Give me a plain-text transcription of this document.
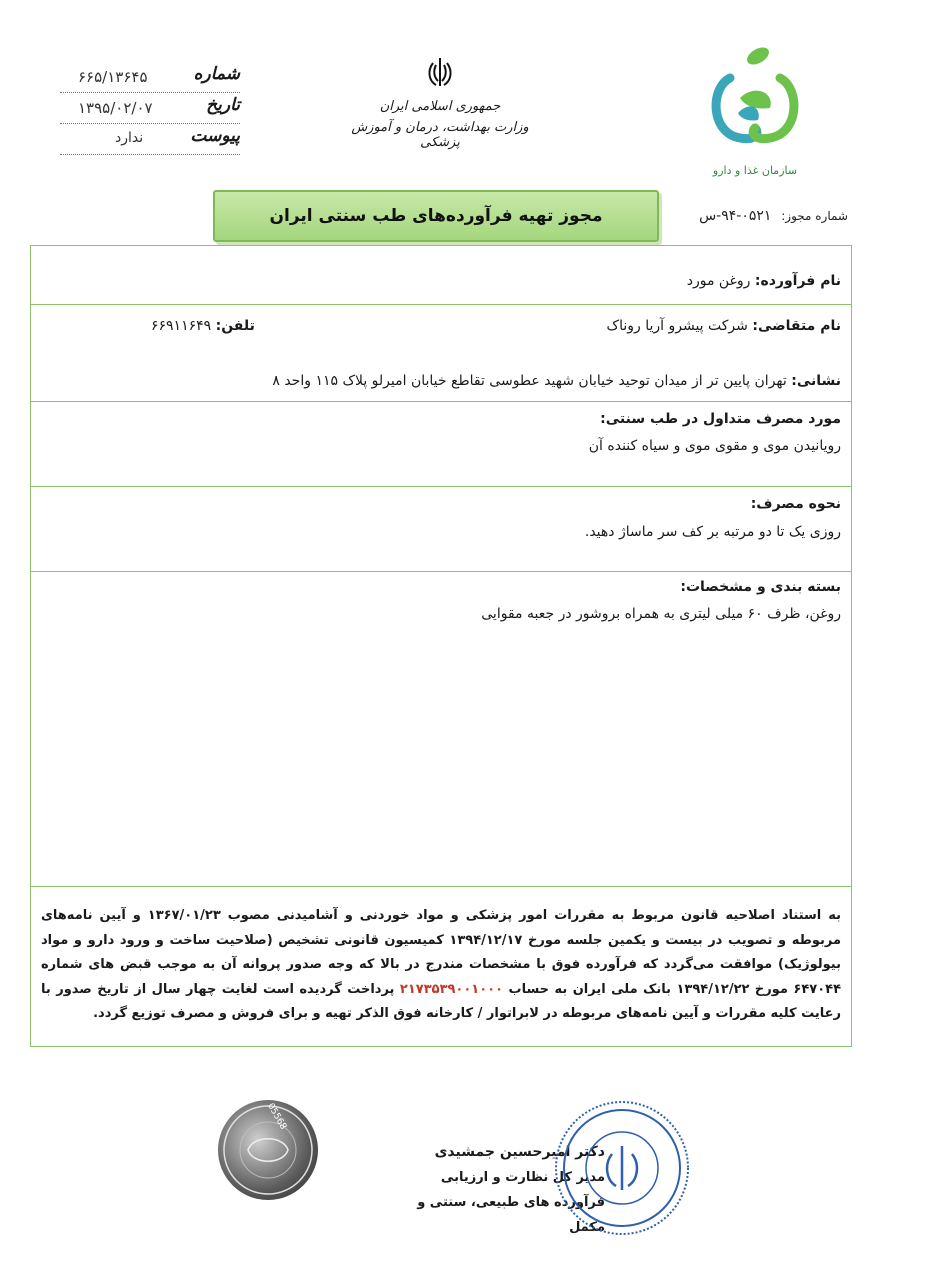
سازمان غذا و دارو
جمهوری اسلامی ایران
وزارت بهداشت، درمان و آموزش پزشکی
شماره
۶۶۵/۱۳۶۴۵
تاریخ
۱۳۹۵/۰۲/۰۷
پیوست
ندارد
مجوز تهیه فرآورده‌های طب سنتی ایران	شماره مجوز: ۰۵۲۱-۹۴-س
نام فرآورده: روغن مورد
نام متقاضی: شرکت پیشرو آریا روناک
تلفن: ۶۶۹۱۱۶۴۹
نشانی: تهران پایین تر از میدان توحید خیابان شهید عطوسی تقاطع خیابان امیرلو پلاک ۱۱۵ واحد ۸
مورد مصرف متداول در طب سنتی:
رویانیدن موی و مقوی موی و سیاه کننده آن
نحوه مصرف:
روزی یک تا دو مرتبه بر کف سر ماساژ دهید.
بسته بندی و مشخصات:
روغن، ظرف ۶۰ میلی لیتری به همراه بروشور در جعبه مقوایی
به استناد اصلاحیه قانون مربوط به مقررات امور پزشکی و مواد خوردنی و آشامیدنی مصوب ۱۳۶۷/۰۱/۲۳ و آیین نامه‌های مربوطه و تصویب در بیست و یکمین جلسه مورخ ۱۳۹۴/۱۲/۱۷ کمیسیون قانونی تشخیص (صلاحیت ساخت و ورود دارو و مواد بیولوژیک) موافقت می‌گردد که فرآورده فوق با مشخصات مندرج در بالا که وجه صدور پروانه آن به موجب قبض های شماره ۶۴۷۰۴۴ مورخ ۱۳۹۴/۱۲/۲۲ بانک ملی ایران به حساب ۲۱۷۳۵۳۹۰۰۱۰۰۰ پرداخت گردیده است لغایت چهار سال از تاریخ صدور با رعایت کلیه مقررات و آیین نامه‌های مربوطه در لابراتوار / کارخانه فوق الذکر تهیه و برای فروش و مصرف توزیع گردد.
05568
دکتر امیرحسین جمشیدی
مدیر کل نظارت و ارزیابی
فرآورده های طبیعی، سنتی و مکمل
